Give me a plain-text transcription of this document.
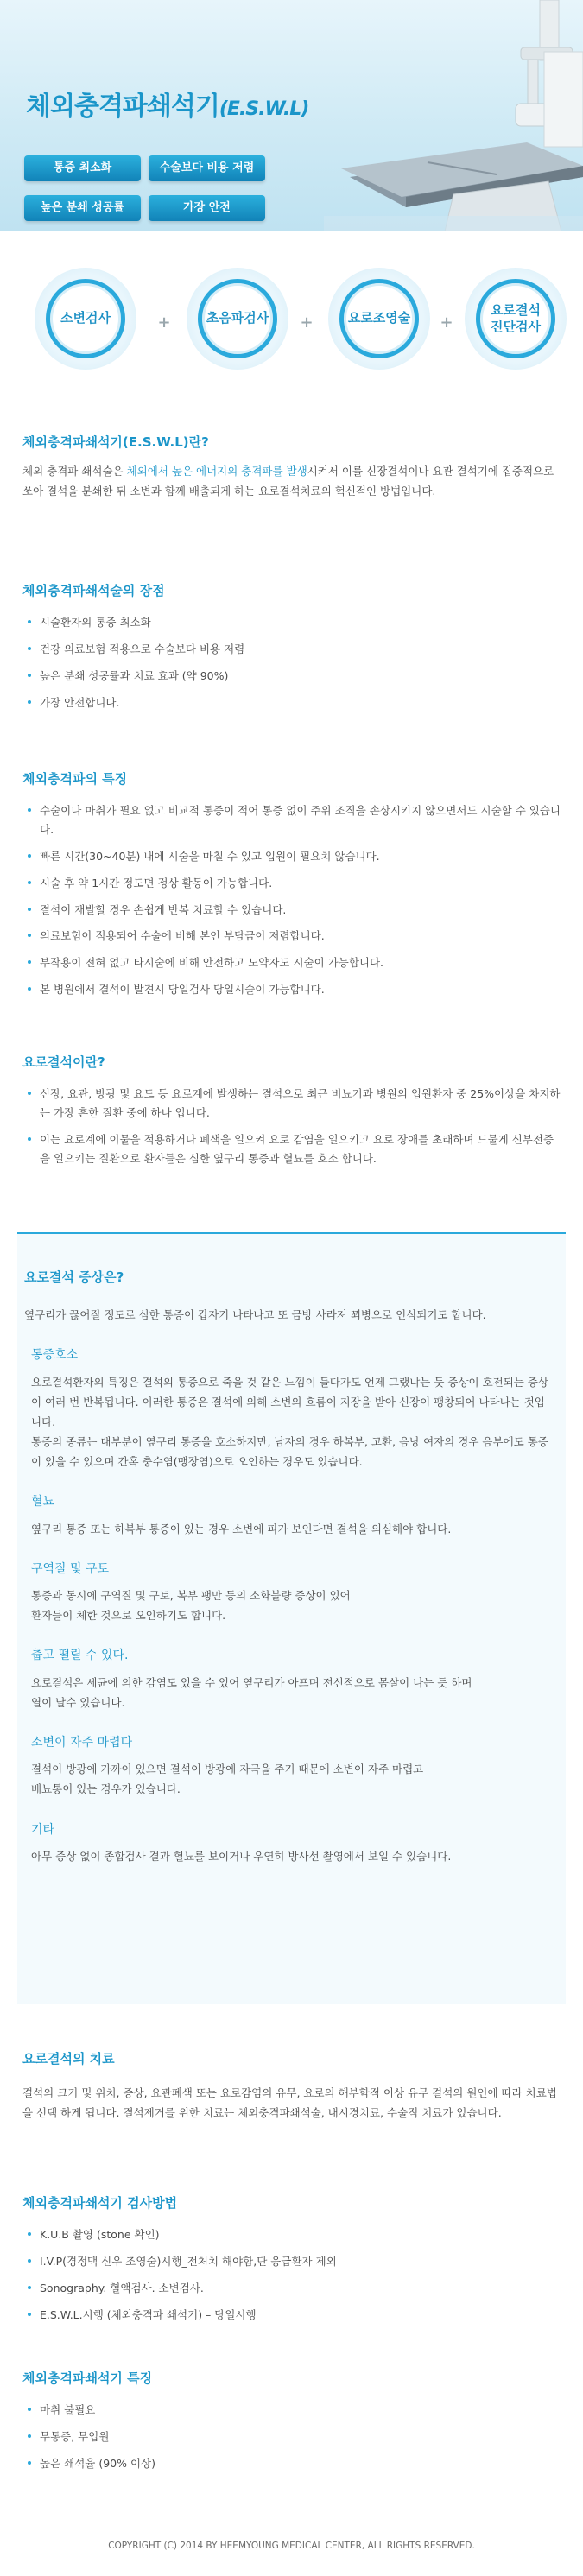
체외충격파쇄석기(E.S.W.L)
통증 최소화	수술보다 비용 저렴
높은 분쇄 성공률	가장 안전
소변검사	+	초음파검사	+	요로조영술	+
요로결석
진단검사
체외충격파쇄석기(E.S.W.L)란?
체외 충격파 쇄석술은 체외에서 높은 에너지의 충격파를 발생시켜서 이를 신장결석이나 요관 결석기에 집중적으로 쏘아 결석을 분쇄한 뒤 소변과 함께 배출되게 하는 요로결석치료의 혁신적인 방법입니다.
체외충격파쇄석술의 장점
시술환자의 통증 최소화
건강 의료보험 적용으로 수술보다 비용 저렴
높은 분쇄 성공률과 치료 효과 (약 90%)
가장 안전합니다.
체외충격파의 특징
수술이나 마취가 필요 없고 비교적 통증이 적어 통증 없이 주위 조직을 손상시키지 않으면서도 시술할 수 있습니다.
빠른 시간(30~40분) 내에 시술을 마칠 수 있고 입원이 필요치 않습니다.
시술 후 약 1시간 정도면 정상 활동이 가능합니다.
결석이 재발할 경우 손쉽게 반복 치료할 수 있습니다.
의료보험이 적용되어 수술에 비해 본인 부담금이 저렴합니다.
부작용이 전혀 없고 타시술에 비해 안전하고 노약자도 시술이 가능합니다.
본 병원에서 결석이 발견시 당일검사 당일시술이 가능합니다.
요로결석이란?
신장, 요관, 방광 및 요도 등 요로계에 발생하는 결석으로 최근 비뇨기과 병원의 입원환자 중 25%이상을 차지하는 가장 흔한 질환 중에 하나 입니다.
이는 요로계에 이물을 적용하거나 폐색을 일으켜 요로 감염을 일으키고 요로 장애를 초래하며 드물게 신부전증을 일으키는 질환으로 환자들은 심한 옆구리 통증과 혈뇨를 호소 합니다.
요로결석 증상은?
옆구리가 끊어질 정도로 심한 통증이 갑자기 나타나고 또 금방 사라져 꾀병으로 인식되기도 합니다.
통증호소
요로결석환자의 특징은 결석의 통증으로 죽을 것 같은 느낌이 들다가도 언제 그랬냐는 듯 증상이 호전되는 증상이 여러 번 반복됩니다. 이러한 통증은 결석에 의해 소변의 흐름이 지장을 받아 신장이 팽창되어 나타나는 것입니다.
통증의 종류는 대부분이 옆구리 통증을 호소하지만, 남자의 경우 하복부, 고환, 음낭 여자의 경우 음부에도 통증이 있을 수 있으며 간혹 충수염(맹장염)으로 오인하는 경우도 있습니다.
혈뇨
옆구리 통증 또는 하복부 통증이 있는 경우 소변에 피가 보인다면 결석을 의심해야 합니다.
구역질 및 구토
통증과 동시에 구역질 및 구토, 복부 팽만 등의 소화불량 증상이 있어
환자들이 체한 것으로 오인하기도 합니다.
춥고 떨릴 수 있다.
요로결석은 세균에 의한 감염도 있을 수 있어 옆구리가 아프며 전신적으로 몸살이 나는 듯 하며
열이 날수 있습니다.
소변이 자주 마렵다
결석이 방광에 가까이 있으면 결석이 방광에 자극을 주기 때문에 소변이 자주 마렵고
배뇨통이 있는 경우가 있습니다.
기타
아무 증상 없이 종합검사 결과 혈뇨를 보이거나 우연히 방사선 촬영에서 보일 수 있습니다.
요로결석의 치료
결석의 크기 및 위치, 증상, 요관폐색 또는 요로감염의 유무, 요로의 해부학적 이상 유무 결석의 원인에 따라 치료법을 선택 하게 됩니다. 결석제거를 위한 치료는 체외충격파쇄석술, 내시경치료, 수술적 치료가 있습니다.
체외충격파쇄석기 검사방법
K.U.B 촬영 (stone 확인)
I.V.P(경정맥 신우 조영술)시행_전처치 해야함,단 응급환자 제외
Sonography. 혈액검사. 소변검사.
E.S.W.L.시행 (체외충격파 쇄석기) – 당일시행
체외충격파쇄석기 특징
마취 불필요
무통증, 무입원
높은 쇄석율 (90% 이상)
COPYRIGHT (C) 2014 BY HEEMYOUNG MEDICAL CENTER, ALL RIGHTS RESERVED.
